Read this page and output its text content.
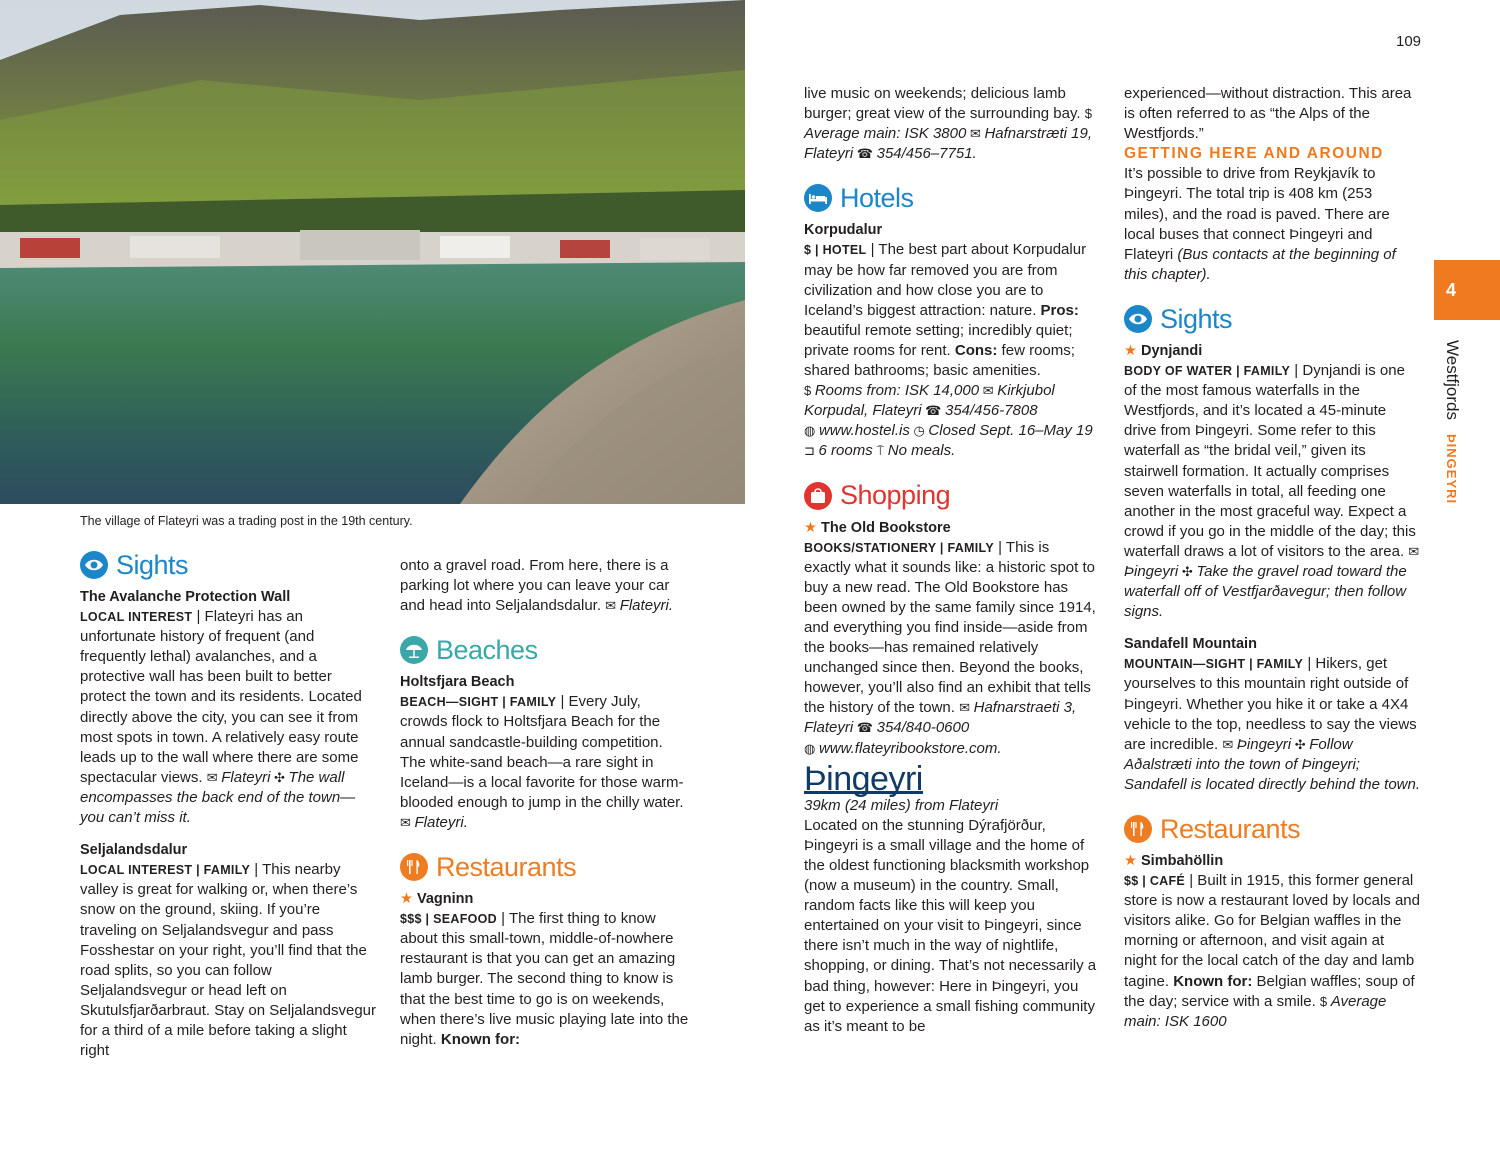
The village of Flateyri was a trading post in the 19th century.
109
4
Westfjords
ÞINGEYRI
Sights

The Avalanche Protection Wall

LOCAL INTEREST | Flateyri has an unfortunate history of frequent (and frequently lethal) avalanches, and a protective wall has been built to better protect the town and its residents. Located directly above the city, you can see it from most spots in town. A relatively easy route leads up to the wall where there are some spectacular views. ✉ Flateyri ✣ The wall encompasses the back end of the town—you can’t miss it.

Seljalandsdalur

LOCAL INTEREST | FAMILY | This nearby valley is great for walking or, when there’s snow on the ground, skiing. If you’re traveling on Seljalandsvegur and pass Fosshestar on your right, you’ll find that the road splits, so you can follow Seljalandsvegur or head left on Skutulsfjarðarbraut. Stay on Seljalandsvegur for a third of a mile before taking a slight right

onto a gravel road. From here, there is a parking lot where you can leave your car and head into Seljalandsdalur. ✉ Flateyri.

Beaches

Holtsfjara Beach

BEACH—SIGHT | FAMILY | Every July, crowds flock to Holtsfjara Beach for the annual sandcastle-building competition. The white-sand beach—a rare sight in Iceland—is a local favorite for those warm-blooded enough to jump in the chilly water. ✉ Flateyri.

Restaurants

★ Vagninn

$$$ | SEAFOOD | The first thing to know about this small-town, middle-of-nowhere restaurant is that you can get an amazing lamb burger. The second thing to know is that the best time to go is on weekends, when there’s live music playing late into the night. Known for:

live music on weekends; delicious lamb burger; great view of the surrounding bay. $ Average main: ISK 3800 ✉ Hafnarstræti 19, Flateyri ☎ 354/456–7751.

Hotels

Korpudalur

$ | HOTEL | The best part about Korpudalur may be how far removed you are from civilization and how close you are to Iceland’s biggest attraction: nature. Pros: beautiful remote setting; incredibly quiet; private rooms for rent. Cons: few rooms; shared bathrooms; basic amenities.
$ Rooms from: ISK 14,000 ✉ Kirkjubol Korpudal, Flateyri ☎ 354/456-7808
◍ www.hostel.is ◷ Closed Sept. 16–May 19 ⊐ 6 rooms ⍑ No meals.

Shopping

★ The Old Bookstore

BOOKS/STATIONERY | FAMILY | This is exactly what it sounds like: a historic spot to buy a new read. The Old Bookstore has been owned by the same family since 1914, and everything you find inside—aside from the books—has remained relatively unchanged since then. Beyond the books, however, you’ll also find an exhibit that tells the history of the town. ✉ Hafnarstraeti 3, Flateyri ☎ 354/840-0600
◍ www.flateyribookstore.com.

Þingeyri

39km (24 miles) from Flateyri

Located on the stunning Dýrafjörður, Þingeyri is a small village and the home of the oldest functioning blacksmith workshop (now a museum) in the country. Small, random facts like this will keep you entertained on your visit to Þingeyri, since there isn’t much in the way of nightlife, shopping, or dining. That’s not necessarily a bad thing, however: Here in Þingeyri, you get to experience a small fishing community as it’s meant to be

experienced—without distraction. This area is often referred to as “the Alps of the Westfjords.”

GETTING HERE AND AROUND

It’s possible to drive from Reykjavík to Þingeyri. The total trip is 408 km (253 miles), and the road is paved. There are local buses that connect Þingeyri and Flateyri (Bus contacts at the beginning of this chapter).

Sights

★ Dynjandi

BODY OF WATER | FAMILY | Dynjandi is one of the most famous waterfalls in the Westfjords, and it’s located a 45-minute drive from Þingeyri. Some refer to this waterfall as “the bridal veil,” given its stairwell formation. It actually comprises seven waterfalls in total, all feeding one another in the most graceful way. Expect a crowd if you go in the middle of the day; this waterfall draws a lot of visitors to the area. ✉ Þingeyri ✣ Take the gravel road toward the waterfall off of Vestfjarðavegur; then follow signs.

Sandafell Mountain

MOUNTAIN—SIGHT | FAMILY | Hikers, get yourselves to this mountain right outside of Þingeyri. Whether you hike it or take a 4X4 vehicle to the top, needless to say the views are incredible. ✉ Þingeyri ✣ Follow Aðalstræti into the town of Þingeyri; Sandafell is located directly behind the town.

Restaurants

★ Simbahöllin

$$ | CAFÉ | Built in 1915, this former general store is now a restaurant loved by locals and visitors alike. Go for Belgian waffles in the morning or afternoon, and visit again at night for the local catch of the day and lamb tagine. Known for: Belgian waffles; soup of the day; service with a smile. $ Average main: ISK 1600
